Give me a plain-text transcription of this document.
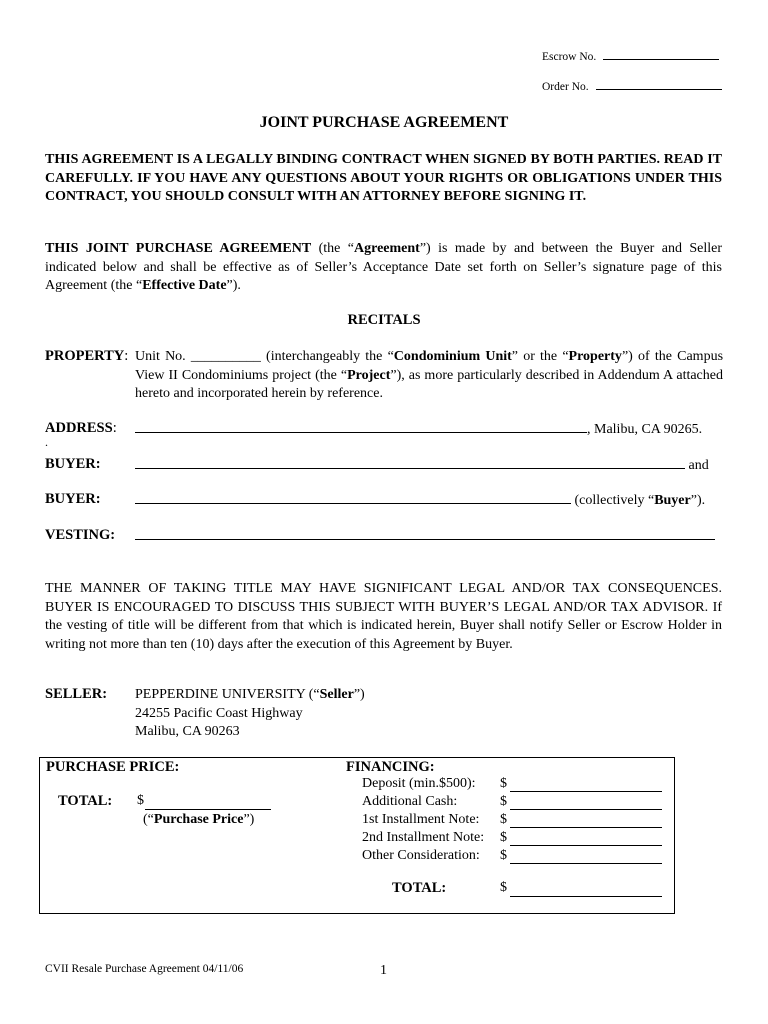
Escrow No.
Order No.
JOINT PURCHASE AGREEMENT
THIS AGREEMENT IS A LEGALLY BINDING CONTRACT WHEN SIGNED BY BOTH PARTIES. READ IT CAREFULLY. IF YOU HAVE ANY QUESTIONS ABOUT YOUR RIGHTS OR OBLIGATIONS UNDER THIS CONTRACT, YOU SHOULD CONSULT WITH AN ATTORNEY BEFORE SIGNING IT.
THIS JOINT PURCHASE AGREEMENT (the “Agreement”) is made by and between the Buyer and Seller indicated below and shall be effective as of Seller’s Acceptance Date set forth on Seller’s signature page of this Agreement (the “Effective Date”).
RECITALS
PROPERTY: Unit No. __________ (interchangeably the “Condominium Unit” or the “Property”) of the Campus View II Condominiums project (the “Project”), as more particularly described in Addendum A attached hereto and incorporated herein by reference.
ADDRESS:	, Malibu, CA 90265.
.
BUYER:	and
BUYER:	(collectively “Buyer”).
VESTING:
THE MANNER OF TAKING TITLE MAY HAVE SIGNIFICANT LEGAL AND/OR TAX CONSEQUENCES. BUYER IS ENCOURAGED TO DISCUSS THIS SUBJECT WITH BUYER’S LEGAL AND/OR TAX ADVISOR. If the vesting of title will be different from that which is indicated herein, Buyer shall notify Seller or Escrow Holder in writing not more than ten (10) days after the execution of this Agreement by Buyer.
SELLER: PEPPERDINE UNIVERSITY (“Seller”)
24255 Pacific Coast Highway
Malibu, CA 90263
PURCHASE PRICE:
TOTAL: $
(“Purchase Price”)
FINANCING:
Deposit (min.$500): $
Additional Cash:	$
1st Installment Note: $
2nd Installment Note: $
Other Consideration: $
TOTAL:	$
CVII Resale Purchase Agreement 04/11/06	1
